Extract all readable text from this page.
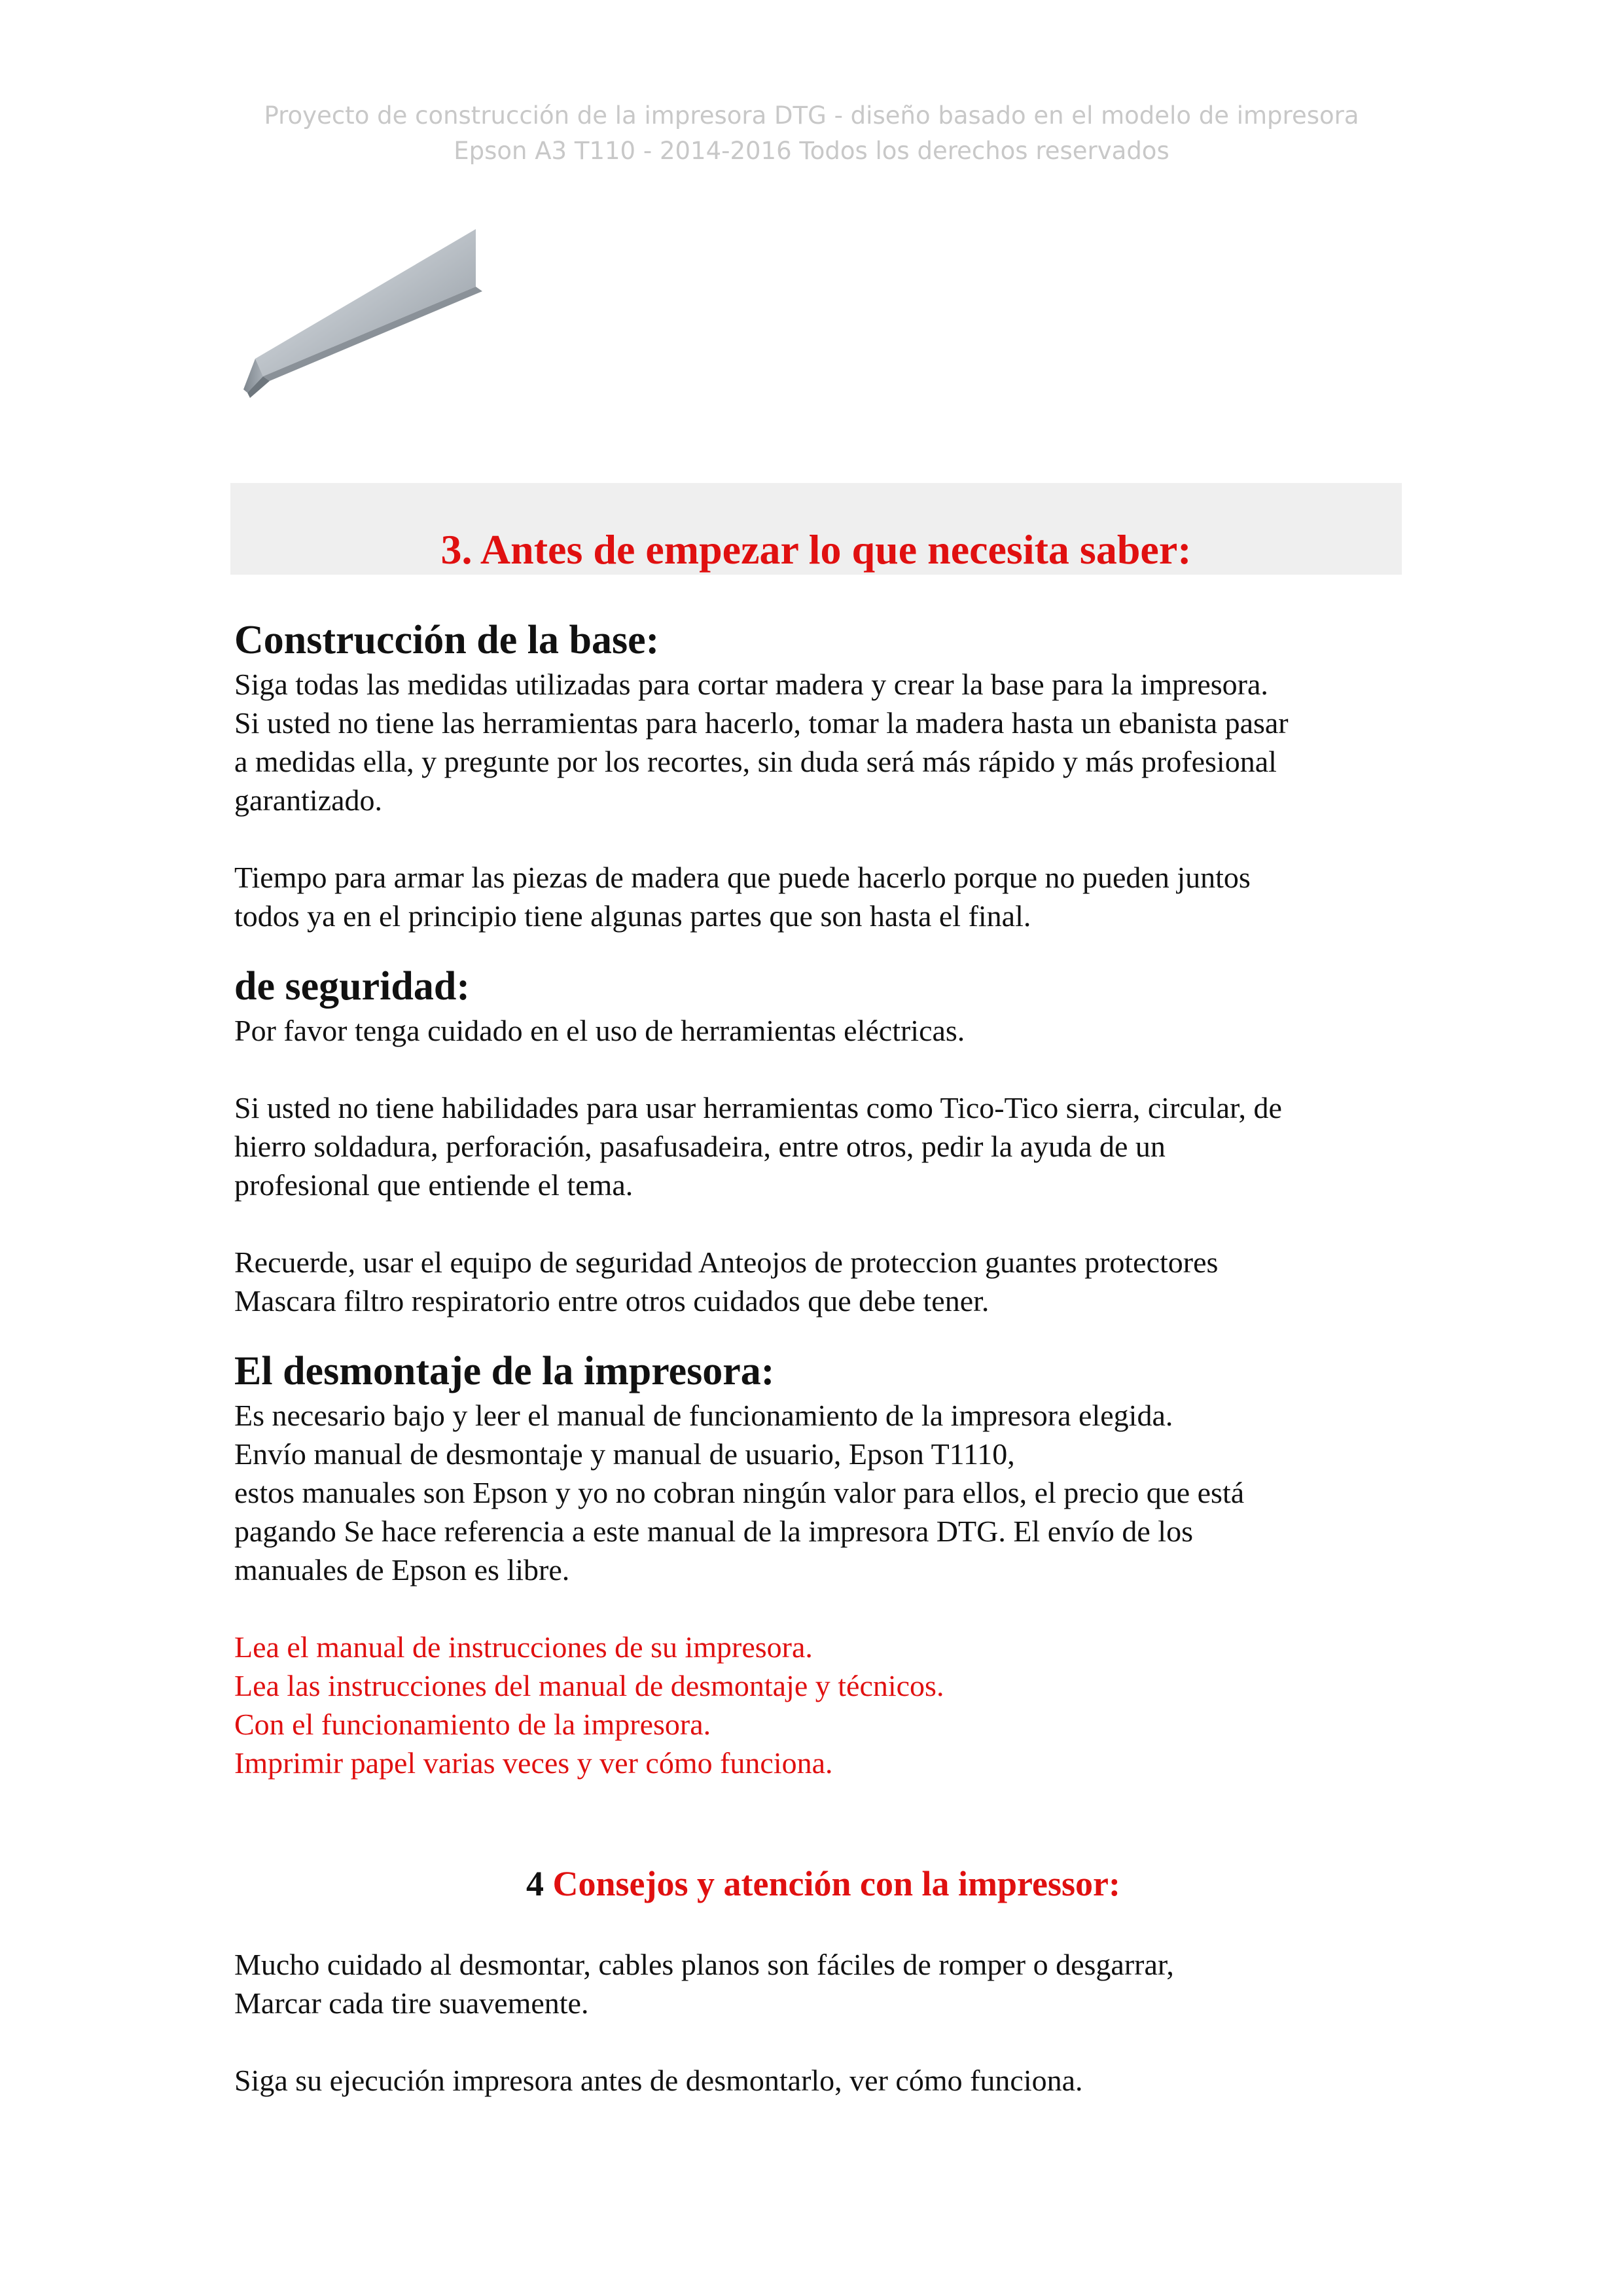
Proyecto de construcción de la impresora DTG - diseño basado en el modelo de impresora
Epson A3 T110 - 2014-2016 Todos los derechos reservados
3. Antes de empezar lo que necesita saber:
Construcción de la base:

Siga todas las medidas utilizadas para cortar madera y crear la base para la impresora.

Si usted no tiene las herramientas para hacerlo, tomar la madera hasta un ebanista pasar

a medidas ella, y pregunte por los recortes, sin duda será más rápido y más profesional

garantizado.

Tiempo para armar las piezas de madera que puede hacerlo porque no pueden juntos

todos ya en el principio tiene algunas partes que son hasta el final.

de seguridad:

Por favor tenga cuidado en el uso de herramientas eléctricas.

Si usted no tiene habilidades para usar herramientas como Tico-Tico sierra, circular, de

hierro soldadura, perforación, pasafusadeira, entre otros, pedir la ayuda de un

profesional que entiende el tema.

Recuerde, usar el equipo de seguridad Anteojos de proteccion guantes protectores

Mascara filtro respiratorio entre otros cuidados que debe tener.

El desmontaje de la impresora:

Es necesario bajo y leer el manual de funcionamiento de la impresora elegida.

Envío manual de desmontaje y manual de usuario, Epson T1110,

estos manuales son Epson y yo no cobran ningún valor para ellos, el precio que está

pagando Se hace referencia a este manual de la impresora DTG. El envío de los

manuales de Epson es libre.

Lea el manual de instrucciones de su impresora.

Lea las instrucciones del manual de desmontaje y técnicos.

Con el funcionamiento de la impresora.

Imprimir papel varias veces y ver cómo funciona.

4 Consejos y atención con la impressor:

Mucho cuidado al desmontar, cables planos son fáciles de romper o desgarrar,

Marcar cada tire suavemente.

Siga su ejecución impresora antes de desmontarlo, ver cómo funciona.
